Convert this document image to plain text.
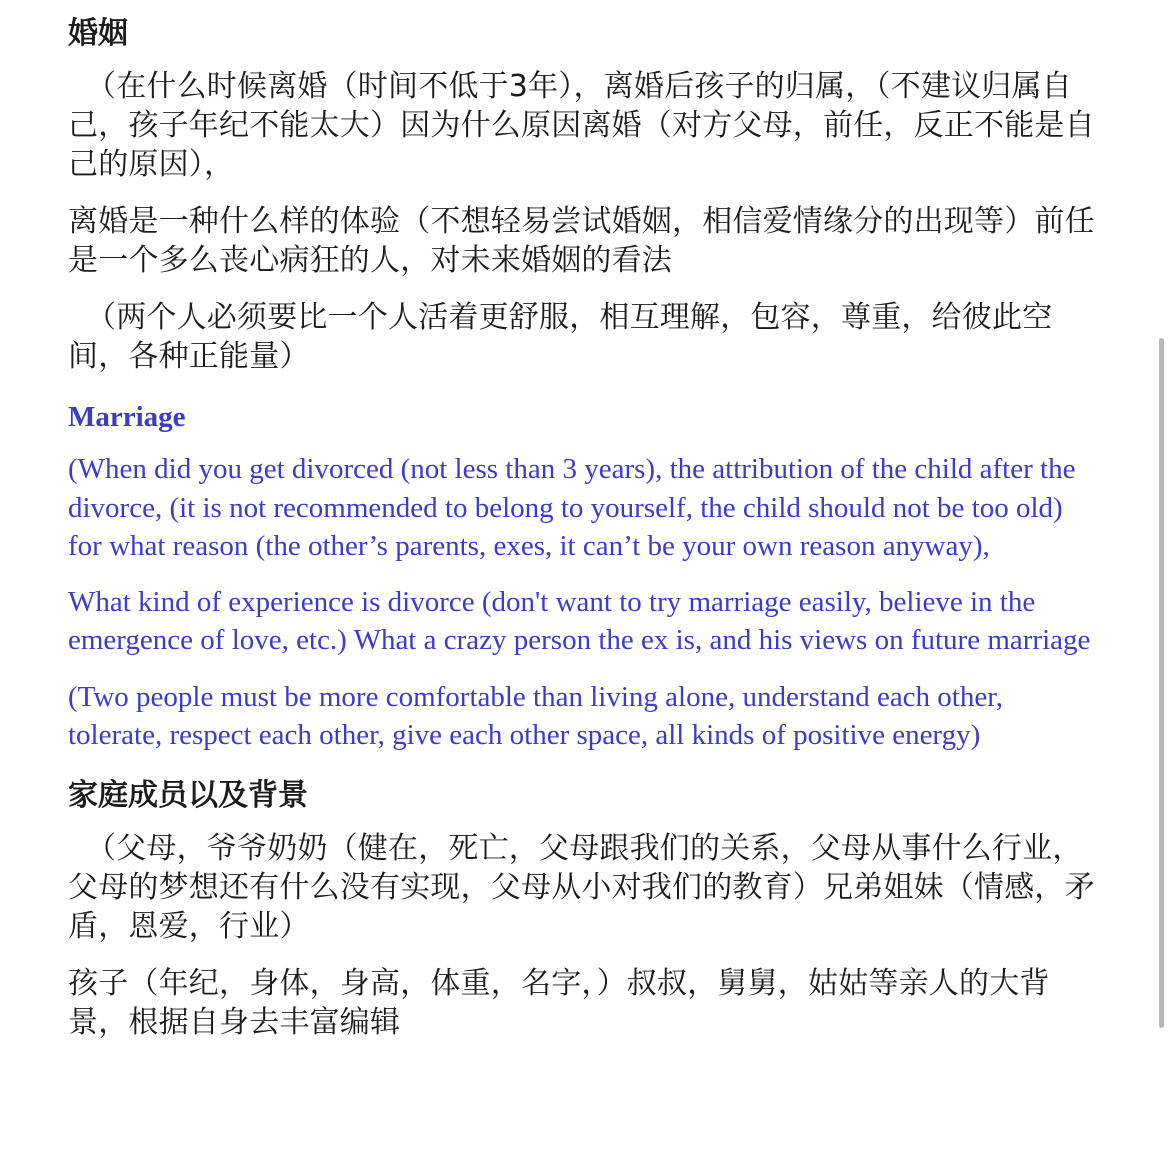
婚姻

（在什么时候离婚（时间不低于3年），离婚后孩子的归属，（不建议归属自己，孩子年纪不能太大）因为什么原因离婚（对方父母，前任，反正不能是自己的原因），

离婚是一种什么样的体验（不想轻易尝试婚姻，相信爱情缘分的出现等）前任是一个多么丧心病狂的人，对未来婚姻的看法

（两个人必须要比一个人活着更舒服，相互理解，包容，尊重，给彼此空间，各种正能量）

Marriage

(When did you get divorced (not less than 3 years), the attribution of the child after the divorce, (it is not recommended to belong to yourself, the child should not be too old) for what reason (the other’s parents, exes, it can’t be your own reason anyway),

What kind of experience is divorce (don't want to try marriage easily, believe in the emergence of love, etc.) What a crazy person the ex is, and his views on future marriage

(Two people must be more comfortable than living alone, understand each other, tolerate, respect each other, give each other space, all kinds of positive energy)

家庭成员以及背景

（父母，爷爷奶奶（健在，死亡，父母跟我们的关系，父母从事什么行业，父母的梦想还有什么没有实现，父母从小对我们的教育）兄弟姐妹（情感，矛盾，恩爱，行业）

孩子（年纪，身体，身高，体重，名字，）叔叔，舅舅，姑姑等亲人的大背景，根据自身去丰富编辑
